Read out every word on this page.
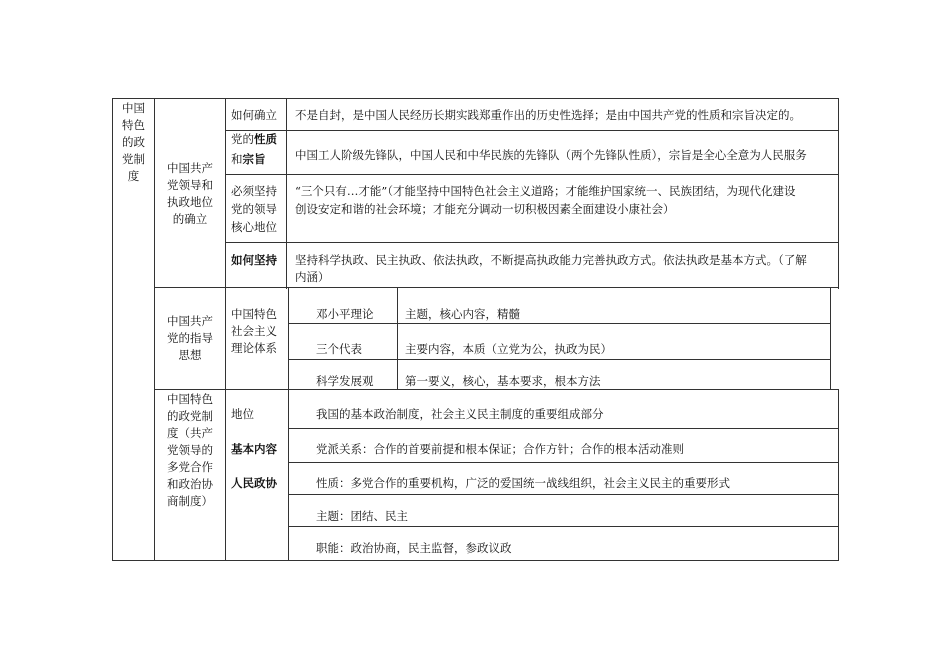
中国
特色
的政
党制
度
中国共产
党领导和
执政地位
的确立
如何确立 不是自封，是中国人民经历长期实践郑重作出的历史性选择；是由中国共产党的性质和宗旨决定的。
党的性质
和宗旨	中国工人阶级先锋队，中国人民和中华民族的先锋队（两个先锋队性质），宗旨是全心全意为人民服务
必须坚持
党的领导
核心地位
“三个只有…才能”（才能坚持中国特色社会主义道路；才能维护国家统一、民族团结，为现代化建设
创设安定和谐的社会环境；才能充分调动一切积极因素全面建设小康社会）
如何坚持 坚持科学执政、民主执政、依法执政，不断提高执政能力完善执政方式。依法执政是基本方式。（了解
内涵）
中国共产
党的指导
思想
中国特色
社会主义
理论体系
邓小平理论	主题，核心内容，精髓
三个代表	主要内容，本质（立党为公，执政为民）
科学发展观	第一要义，核心，基本要求，根本方法
中国特色
的政党制
度（共产
党领导的
多党合作
和政治协
商制度）
地位	我国的基本政治制度，社会主义民主制度的重要组成部分
基本内容	党派关系：合作的首要前提和根本保证；合作方针；合作的根本活动准则
人民政协	性质：多党合作的重要机构，广泛的爱国统一战线组织，社会主义民主的重要形式
主题：团结、民主
职能：政治协商，民主监督，参政议政
